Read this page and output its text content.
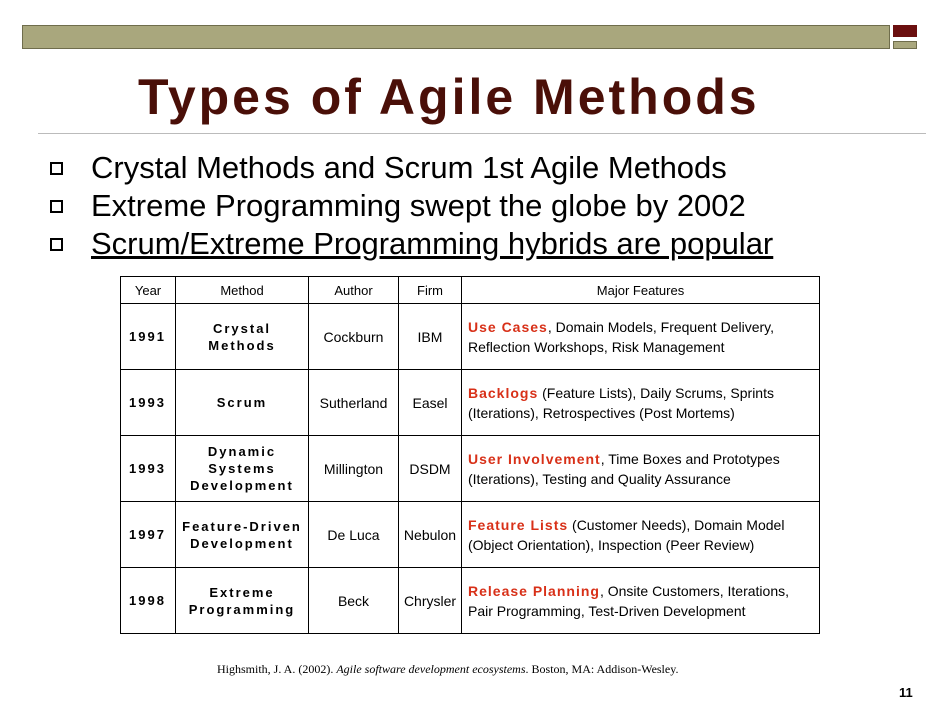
Types of Agile Methods
Crystal Methods and Scrum 1st Agile Methods
Extreme Programming swept the globe by 2002
Scrum/Extreme Programming hybrids are popular
Year	Method	Author	Firm	Major Features
1991	Crystal Methods	Cockburn	IBM	Use Cases, Domain Models, Frequent Delivery, Reflection Workshops, Risk Management
1993	Scrum	Sutherland	Easel	Backlogs (Feature Lists), Daily Scrums, Sprints (Iterations), Retrospectives (Post Mortems)
1993	Dynamic Systems Development	Millington	DSDM	User Involvement, Time Boxes and Prototypes (Iterations), Testing and Quality Assurance
1997	Feature-Driven Development	De Luca	Nebulon	Feature Lists (Customer Needs), Domain Model (Object Orientation), Inspection (Peer Review)
1998	Extreme Programming	Beck	Chrysler	Release Planning, Onsite Customers, Iterations, Pair Programming, Test-Driven Development
Highsmith, J. A. (2002). Agile software development ecosystems. Boston, MA: Addison-Wesley.
11
